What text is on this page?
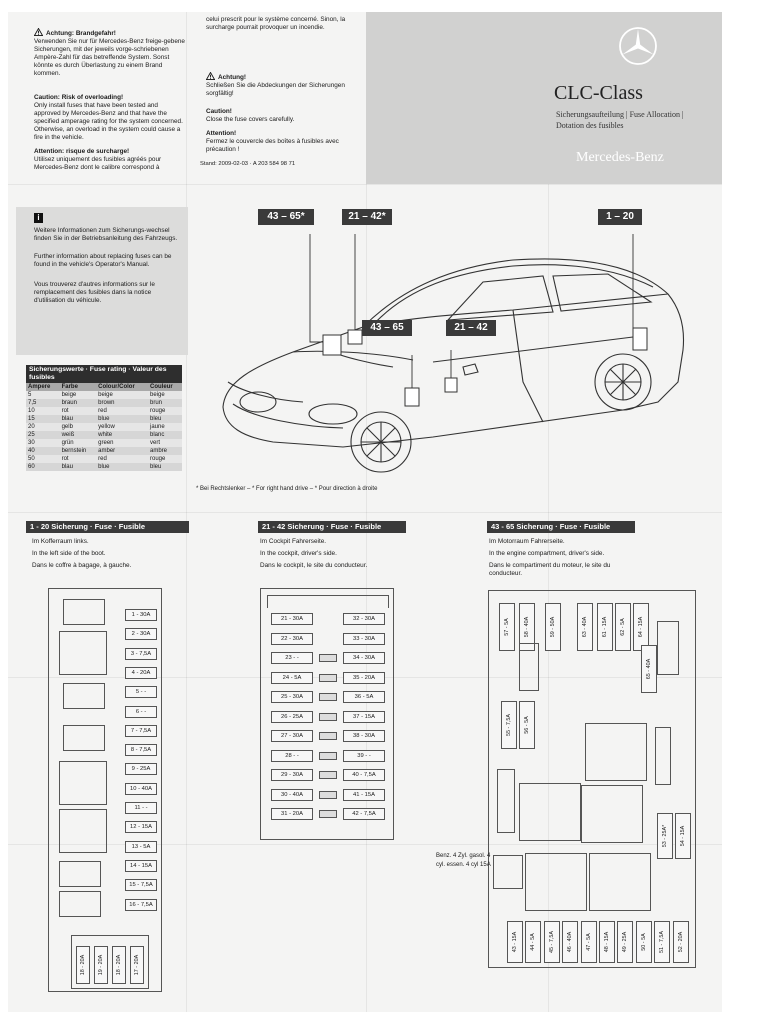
Achtung: Brandgefahr!
Verwenden Sie nur für Mercedes-Benz freige-gebene Sicherungen, mit der jeweils vorge-schriebenen Ampère-Zahl für das betreffende System. Sonst könnte es durch Überlastung zu einem Brand kommen.
Caution: Risk of overloading!
Only install fuses that have been tested and approved by Mercedes-Benz and that have the specified amperage rating for the system concerned. Otherwise, an overload in the system could cause a fire in the vehicle.
Attention: risque de surcharge!
Utilisez uniquement des fusibles agréés pour Mercedes-Benz dont le calibre correspond à
celui prescrit pour le système concerné. Sinon, la surcharge pourrait provoquer un incendie.
Achtung!
Schließen Sie die Abdeckungen der Sicherungen sorgfältig!
Caution!
Close the fuse covers carefully.
Attention!
Fermez le couvercle des boîtes à fusibles avec précaution !
Stand: 2009-02-03 · A 203 584 98 71
CLC-Class
Sicherungsaufteilung | Fuse Allocation |
Dotation des fusibles
Mercedes-Benz
i
Weitere Informationen zum Sicherungs-wechsel finden Sie in der Betriebsanleitung des Fahrzeugs.
Further information about replacing fuses can be found in the vehicle's Operator's Manual.
Vous trouverez d'autres informations sur le remplacement des fusibles dans la notice d'utilisation du véhicule.
43 – 65*	21 – 42*	1 – 20
43 – 65	21 – 42
* Bei Rechtslenker – * For right hand drive – * Pour direction à droite
Sicherungswerte · Fuse rating · Valeur des fusibles
Ampere	Farbe	Colour/Color	Couleur
5	beige	beige	beige
7,5	braun	brown	brun
10	rot	red	rouge
15	blau	blue	bleu
20	gelb	yellow	jaune
25	weiß	white	blanc
30	grün	green	vert
40	bernstein	amber	ambre
50	rot	red	rouge
60	blau	blue	bleu
1 - 20 Sicherung · Fuse · Fusible
Im Kofferraum links.
In the left side of the boot.
Dans le coffre à bagage, à gauche.
21 - 42 Sicherung · Fuse · Fusible
Im Cockpit Fahrerseite.
In the cockpit, driver's side.
Dans le cockpit, le site du conducteur.
43 - 65 Sicherung · Fuse · Fusible
Im Motorraum Fahrerseite.
In the engine compartment, driver's side.
Dans le compartiment du moteur, le site du conducteur.
1 - 30A
2 - 30A
3 - 7,5A
4 - 20A
5 - -
6 - -
7 - 7,5A
8 - 7,5A
9 - 25A
10 - 40A
11 - -
12 - 15A
13 - 5A
14 - 15A
15 - 7,5A
16 - 7,5A
18 - 20A 19 - 20A 18 - 20A 17 - 20A
21 - 30A
22 - 30A
23 - -
24 - 5A
25 - 30A
26 - 25A
27 - 30A
28 - -
29 - 30A
30 - 40A
31 - 20A
32 - 30A
33 - 30A
34 - 30A
35 - 20A
36 - 5A
37 - 15A
38 - 30A
39 - -
40 - 7,5A
41 - 15A
42 - 7,5A
57 - 5A	58 - 40A	59 - 50A	63 - 40A	61 - 15A 62 - 5A 64 - 15A
55 - 7,5A 56 - 5A
65 - 40A
53 - 25A* 54 - 15A
43 - 15A 44 - 5A 45 - 7,5A 46 - 40A 47 - 5A 48 - 15A 49 - 25A 50 - 5A 51 - 7,5A 52 - 20A
Benz. 4 Zyl. gasol. 4 cyl. essen. 4 cyl 15A
